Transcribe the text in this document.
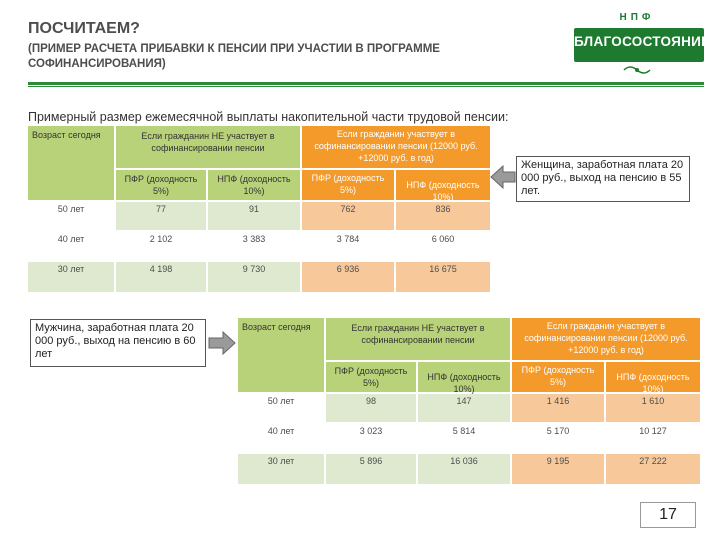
ПОСЧИТАЕМ?
(ПРИМЕР РАСЧЕТА ПРИБАВКИ К ПЕНСИИ ПРИ УЧАСТИИ В ПРОГРАММЕ СОФИНАНСИРОВАНИЯ)
НПФ
БЛАГОСОСТОЯНИЕ
Примерный размер ежемесячной выплаты накопительной части трудовой пенсии:
Возраст сегодня	Если гражданин НЕ участвует в софинансировании пенсии
Если гражданин участвует в софинансировании пенсии (12000 руб. +12000 руб. в год)
ПФР (доходность 5%)
НПФ (доходность 10%)
ПФР (доходность 5%)	НПФ (доходность 10%)
50 лет	77	91	762	836
40 лет	2 102	3 383	3 784	6 060
30 лет	4 198	9 730	6 936	16 675
Женщина, заработная плата 20 000 руб., выход на пенсию в 55 лет.
Мужчина, заработная плата 20 000 руб., выход на пенсию в 60 лет
Возраст сегодня	Если гражданин НЕ участвует в софинансировании пенсии
Если гражданин участвует в софинансировании пенсии (12000 руб. +12000 руб. в год)
ПФР (доходность 5%)
НПФ (доходность 10%)
ПФР (доходность 5%)	НПФ (доходность 10%)
50 лет	98	147	1 416	1 610
40 лет	3 023	5 814	5 170	10 127
30 лет	5 896	16 036	9 195	27 222
17
